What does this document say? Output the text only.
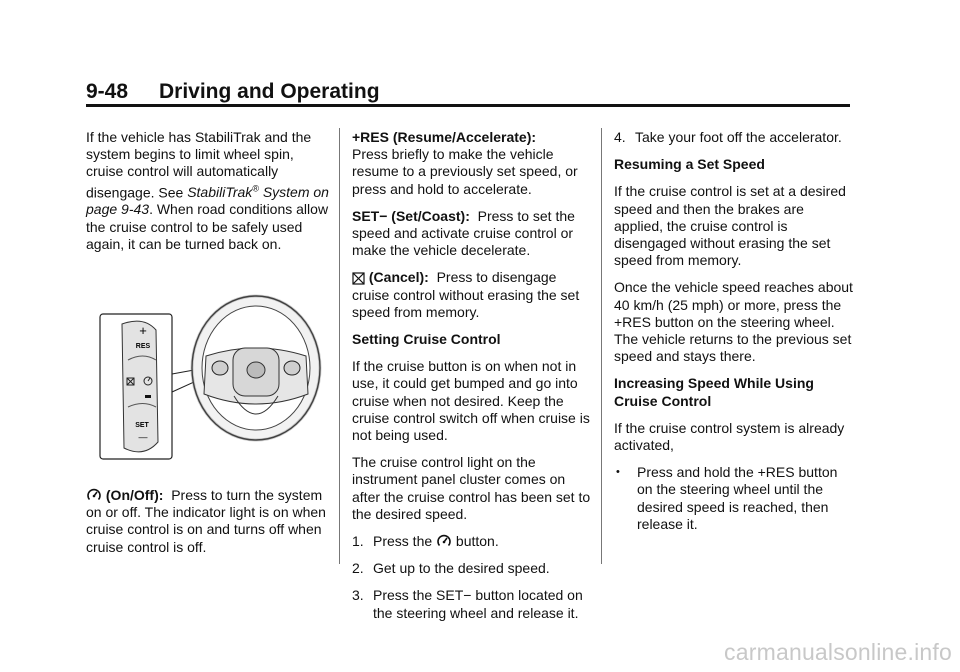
9-48 Driving and Operating

If the vehicle has StabiliTrak and the system begins to limit wheel spin, cruise control will automatically disengage. See StabiliTrak® System on page 9-43. When road conditions allow the cruise control to be safely used again, it can be turned back on.

+
RES
SET
—

(On/Off): Press to turn the system on or off. The indicator light is on when cruise control is on and turns off when cruise control is off.

+RES (Resume/Accelerate):
Press briefly to make the vehicle resume to a previously set speed, or press and hold to accelerate.

SET− (Set/Coast): Press to set the speed and activate cruise control or make the vehicle decelerate.

(Cancel): Press to disengage cruise control without erasing the set speed from memory.

Setting Cruise Control

If the cruise button is on when not in use, it could get bumped and go into cruise when not desired. Keep the cruise control switch off when cruise is not being used.

The cruise control light on the instrument panel cluster comes on after the cruise control has been set to the desired speed.

1. Press the button.
2. Get up to the desired speed.
3. Press the SET− button located on the steering wheel and release it.
4. Take your foot off the accelerator.

Resuming a Set Speed

If the cruise control is set at a desired speed and then the brakes are applied, the cruise control is disengaged without erasing the set speed from memory.

Once the vehicle speed reaches about 40 km/h (25 mph) or more, press the +RES button on the steering wheel. The vehicle returns to the previous set speed and stays there.

Increasing Speed While Using Cruise Control

If the cruise control system is already activated,

•	Press and hold the +RES button on the steering wheel until the desired speed is reached, then release it.
carmanualsonline.info
